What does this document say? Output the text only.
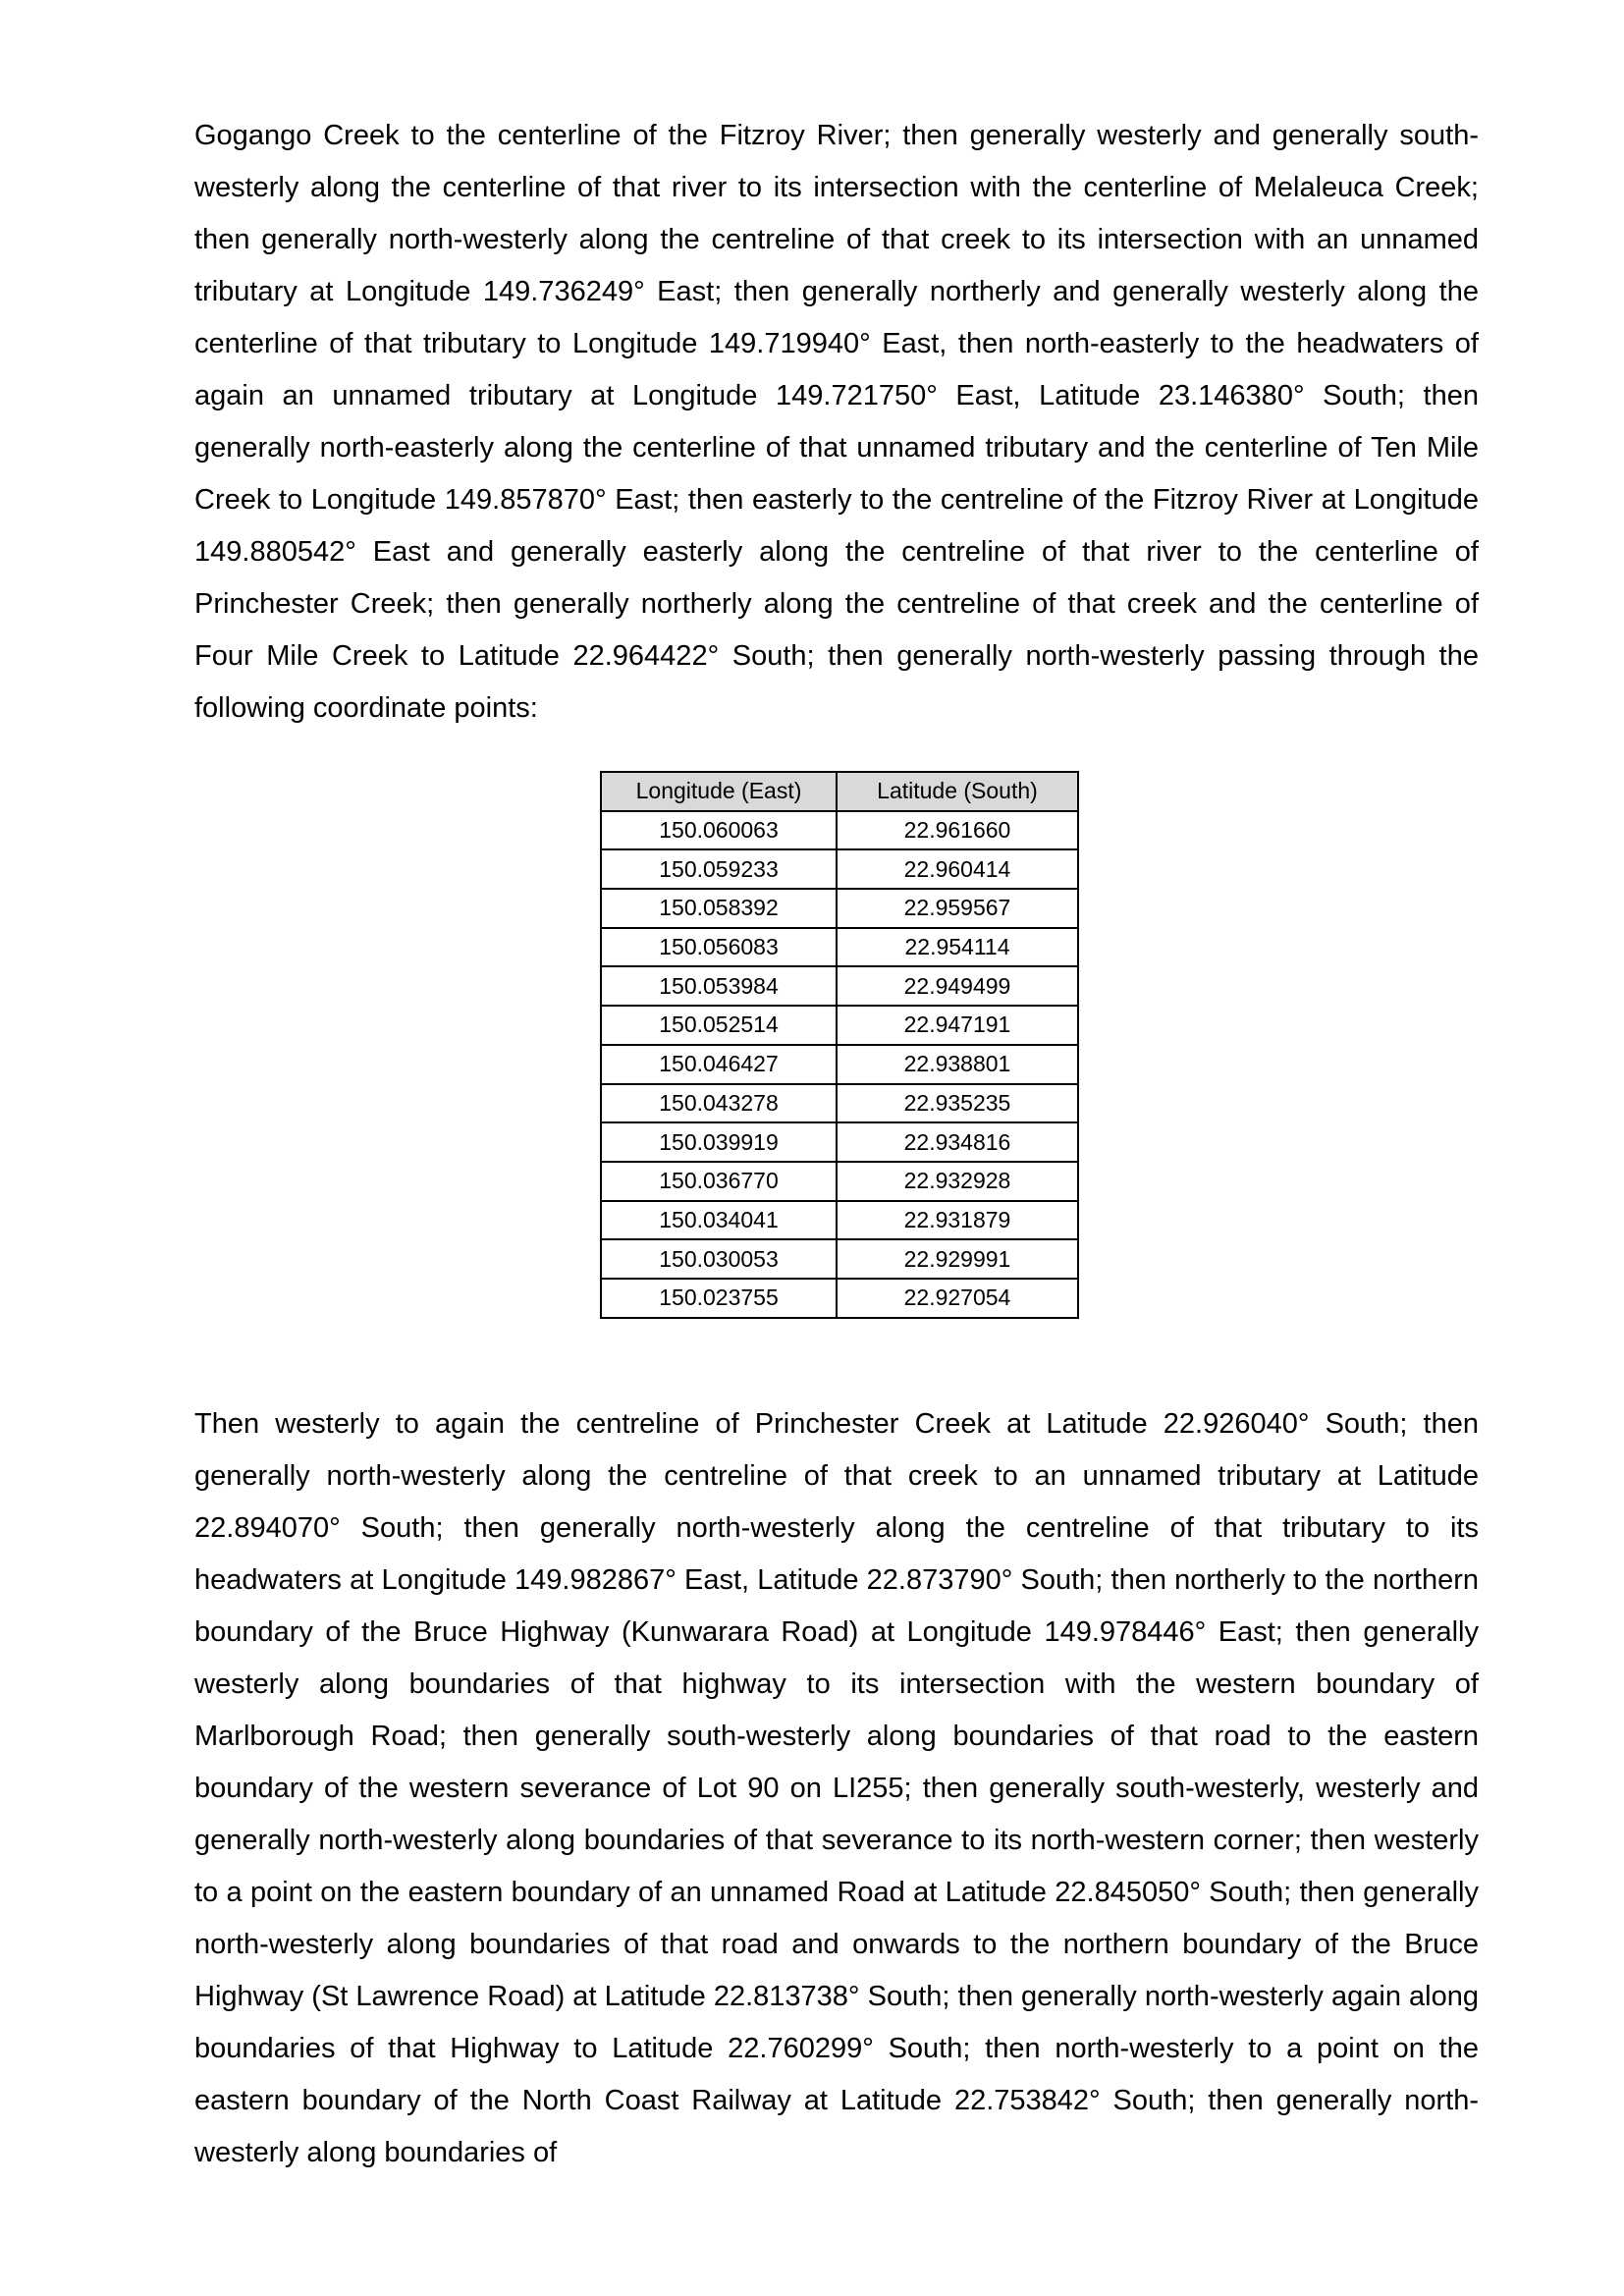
Gogango Creek to the centerline of the Fitzroy River; then generally westerly and generally south-westerly along the centerline of that river to its intersection with the centerline of Melaleuca Creek; then generally north-westerly along the centreline of that creek to its intersection with an unnamed tributary at Longitude 149.736249° East; then generally northerly and generally westerly along the centerline of that tributary to Longitude 149.719940° East, then north-easterly to the headwaters of again an unnamed tributary at Longitude 149.721750° East, Latitude 23.146380° South; then generally north-easterly along the centerline of that unnamed tributary and the centerline of Ten Mile Creek to Longitude 149.857870° East; then easterly to the centreline of the Fitzroy River at Longitude 149.880542° East and generally easterly along the centreline of that river to the centerline of Princhester Creek; then generally northerly along the centreline of that creek and the centerline of Four Mile Creek to Latitude 22.964422° South; then generally north-westerly passing through the following coordinate points:

Longitude (East)	Latitude (South)
150.060063	22.961660
150.059233	22.960414
150.058392	22.959567
150.056083	22.954114
150.053984	22.949499
150.052514	22.947191
150.046427	22.938801
150.043278	22.935235
150.039919	22.934816
150.036770	22.932928
150.034041	22.931879
150.030053	22.929991
150.023755	22.927054

Then westerly to again the centreline of Princhester Creek at Latitude 22.926040° South; then generally north-westerly along the centreline of that creek to an unnamed tributary at Latitude 22.894070° South; then generally north-westerly along the centreline of that tributary to its headwaters at Longitude 149.982867° East, Latitude 22.873790° South; then northerly to the northern boundary of the Bruce Highway (Kunwarara Road) at Longitude 149.978446° East; then generally westerly along boundaries of that highway to its intersection with the western boundary of Marlborough Road; then generally south-westerly along boundaries of that road to the eastern boundary of the western severance of Lot 90 on LI255; then generally south-westerly, westerly and generally north-westerly along boundaries of that severance to its north-western corner; then westerly to a point on the eastern boundary of an unnamed Road at Latitude 22.845050° South; then generally north-westerly along boundaries of that road and onwards to the northern boundary of the Bruce Highway (St Lawrence Road) at Latitude 22.813738° South; then generally north-westerly again along boundaries of that Highway to Latitude 22.760299° South; then north-westerly to a point on the eastern boundary of the North Coast Railway at Latitude 22.753842° South; then generally north-westerly along boundaries of
